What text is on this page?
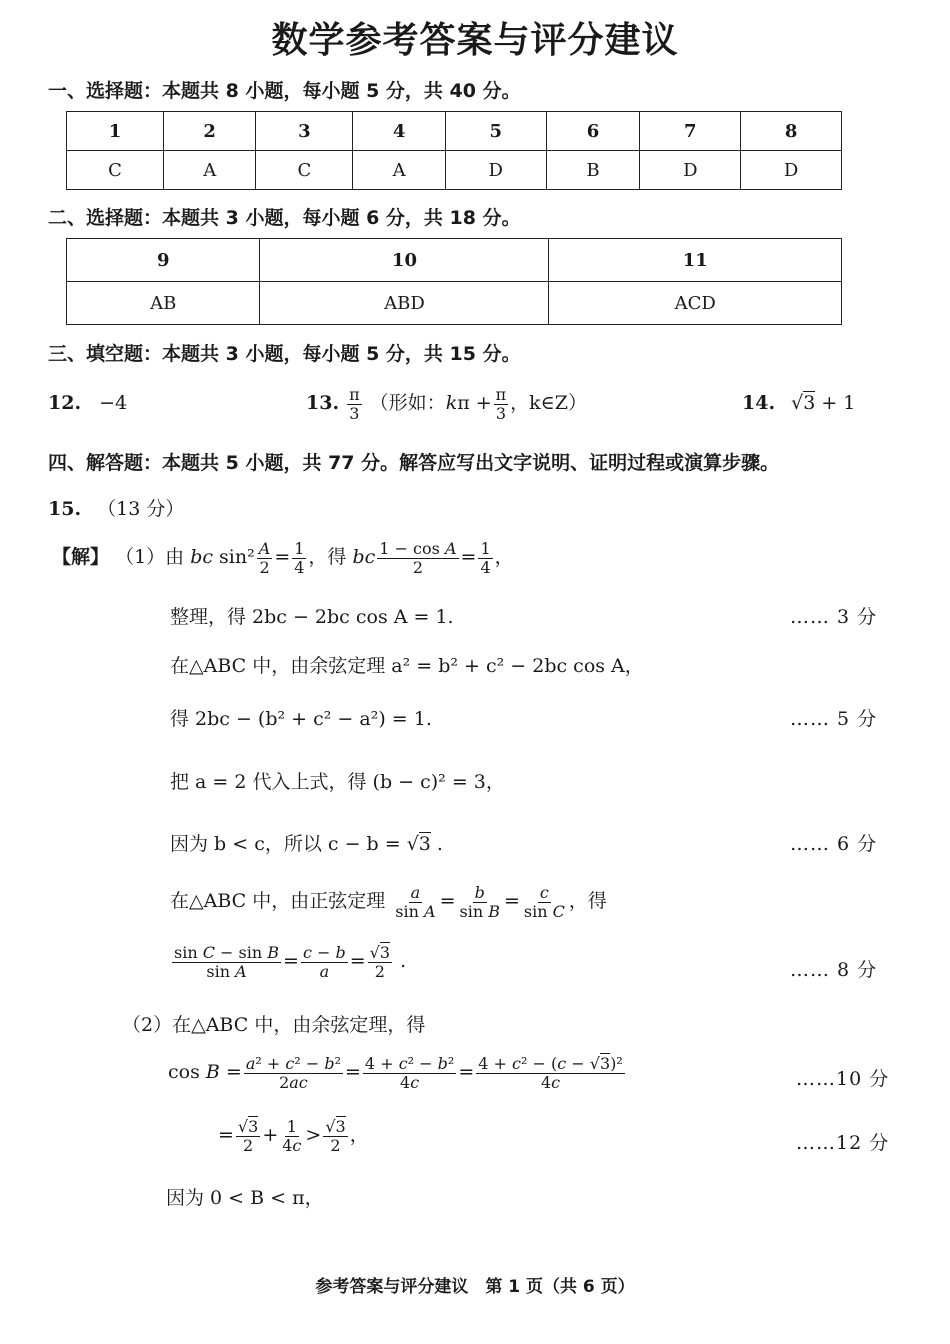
数学参考答案与评分建议
一、选择题：本题共 8 小题，每小题 5 分，共 40 分。
1	2	3	4	5	6	7	8
C	A	C	A	D	B	D	D
二、选择题：本题共 3 小题，每小题 6 分，共 18 分。
9	10	11
AB	ABD	ACD
三、填空题：本题共 3 小题，每小题 5 分，共 15 分。
12. −4	13. $\frac{\pi}{3}$ （形如：$k\pi + \frac{\pi}{3}$ ，k∈Z）	14. √3 + 1
四、解答题：本题共 5 小题，共 77 分。解答应写出文字说明、证明过程或演算步骤。
15. （13 分）
【解】 （1）由 bc $\sin^2 \frac{A}{2} = \frac{1}{4}$ ，得 bc $\frac{\text{1 − cos A}}{2} = \frac{1}{4}$ ，
整理，得 2bc − 2bc cos A = 1.	…… 3 分
在△ABC 中，由余弦定理 a² = b² + c² − 2bc cos A，
得 2bc − (b² + c² − a²) = 1.	…… 5 分
把 a = 2 代入上式，得 (b − c)² = 3，
因为 b < c，所以 c − b = √3 .	…… 6 分
在△ABC 中，由正弦定理 $\frac{a}{\text{sin A}} = \frac{b}{\text{sin B}} = \frac{c}{\text{sin C}}$ ，得
$\frac{\text{sin C − sin B}}{\text{sin A}} = \frac{c - b}{a} = \frac{√3}{2}$ .	…… 8 分
（2）在△ABC 中，由余弦定理，得
$\cos B = \frac{\text{a² + c² − b²}}{2ac} = \frac{\text{4 + c² − b²}}{4c} = \frac{\text{4 + c² − (c − √3)²}}{4c}$	……10 分
= $\frac{√3}{2} + \frac{1}{4c} > \frac{√3}{2}$ ，	……12 分
因为 0 < B < π，
参考答案与评分建议　第 1 页（共 6 页）
